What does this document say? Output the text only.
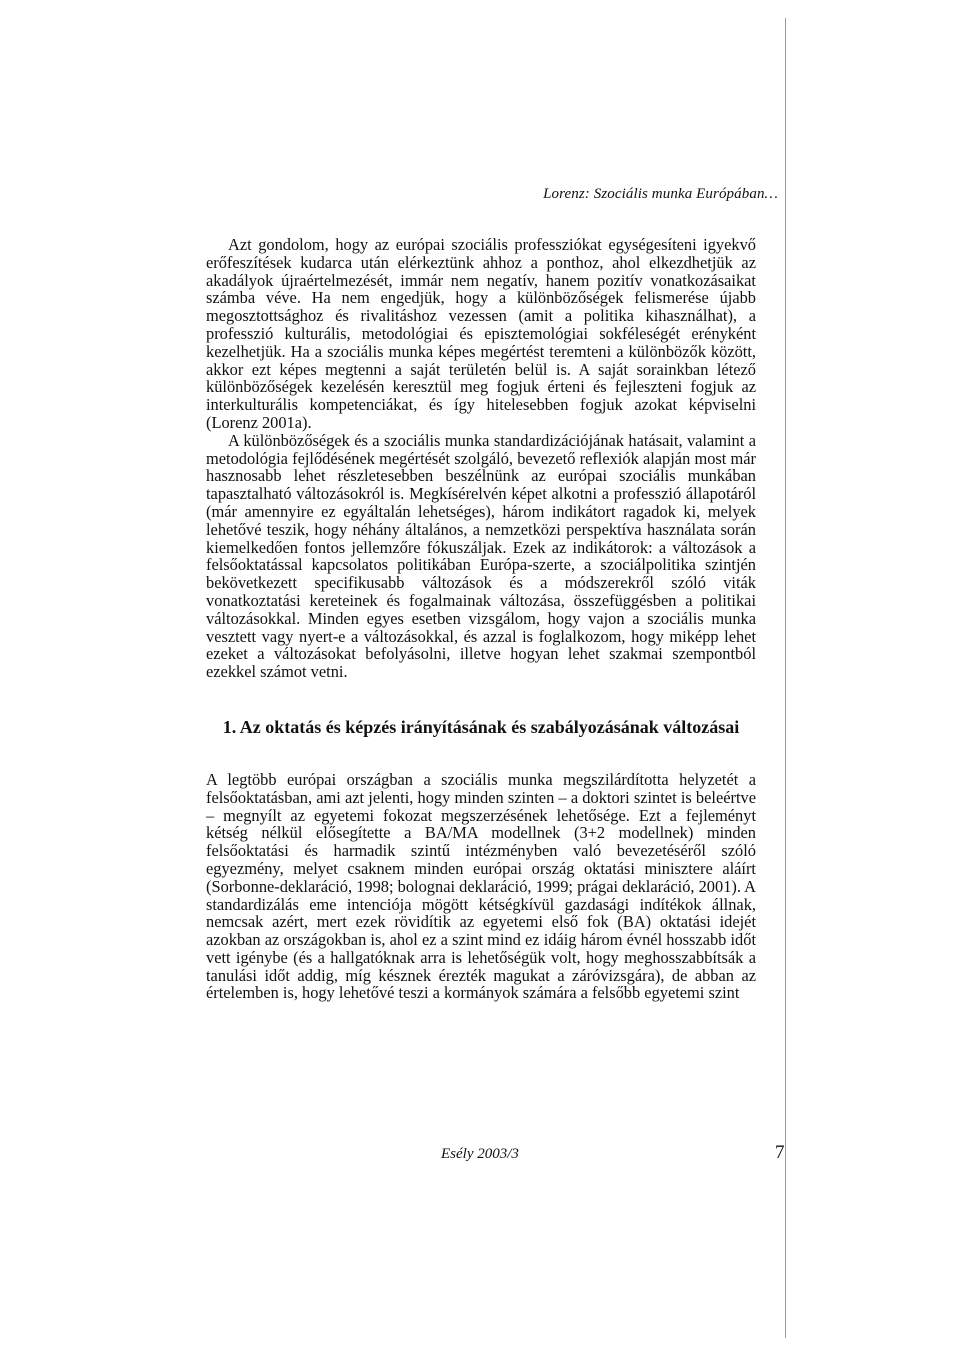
Lorenz: Szociális munka Európában…

Azt gondolom, hogy az európai szociális professziókat egységesíteni igyekvő erőfeszítések kudarca után elérkeztünk ahhoz a ponthoz, ahol elkezdhetjük az akadályok újraértelmezését, immár nem negatív, hanem pozitív vonatkozásaikat számba véve. Ha nem engedjük, hogy a különbözőségek felismerése újabb megosztottsághoz és rivalitáshoz vezessen (amit a politika kihasználhat), a professzió kulturális, metodológiai és episztemológiai sokféleségét erényként kezelhetjük. Ha a szociális munka képes megértést teremteni a különbözők között, akkor ezt képes megtenni a saját területén belül is. A saját sorainkban létező különbözőségek kezelésén keresztül meg fogjuk érteni és fejleszteni fogjuk az interkulturális kompetenciákat, és így hitelesebben fogjuk azokat képviselni (Lorenz 2001a).

A különbözőségek és a szociális munka standardizációjának hatásait, valamint a metodológia fejlődésének megértését szolgáló, bevezető reflexiók alapján most már hasznosabb lehet részletesebben beszélnünk az európai szociális munkában tapasztalható változásokról is. Megkísérelvén képet alkotni a professzió állapotáról (már amennyire ez egyáltalán lehetséges), három indikátort ragadok ki, melyek lehetővé teszik, hogy néhány általános, a nemzetközi perspektíva használata során kiemelkedően fontos jellemzőre fókuszáljak. Ezek az indikátorok: a változások a felsőoktatással kapcsolatos politikában Európa-szerte, a szociálpolitika szintjén bekövetkezett specifikusabb változások és a módszerekről szóló viták vonatkoztatási kereteinek és fogalmainak változása, összefüggésben a politikai változásokkal. Minden egyes esetben vizsgálom, hogy vajon a szociális munka vesztett vagy nyert-e a változásokkal, és azzal is foglalkozom, hogy miképp lehet ezeket a változásokat befolyásolni, illetve hogyan lehet szakmai szempontból ezekkel számot vetni.

1. Az oktatás és képzés irányításának és szabályozásának változásai

A legtöbb európai országban a szociális munka megszilárdította helyzetét a felsőoktatásban, ami azt jelenti, hogy minden szinten – a doktori szintet is beleértve – megnyílt az egyetemi fokozat megszerzésének lehetősége. Ezt a fejleményt kétség nélkül elősegítette a BA/MA modellnek (3+2 modellnek) minden felsőoktatási és harmadik szintű intézményben való bevezetéséről szóló egyezmény, melyet csaknem minden európai ország oktatási minisztere aláírt (Sorbonne-deklaráció, 1998; bolognai deklaráció, 1999; prágai deklaráció, 2001). A standardizálás eme intenciója mögött kétségkívül gazdasági indítékok állnak, nemcsak azért, mert ezek rövidítik az egyetemi első fok (BA) oktatási idejét azokban az országokban is, ahol ez a szint mind ez idáig három évnél hosszabb időt vett igénybe (és a hallgatóknak arra is lehetőségük volt, hogy meghosszabbítsák a tanulási időt addig, míg késznek érezték magukat a záróvizsgára), de abban az értelemben is, hogy lehetővé teszi a kormányok számára a felsőbb egyetemi szint

Esély 2003/3	7
